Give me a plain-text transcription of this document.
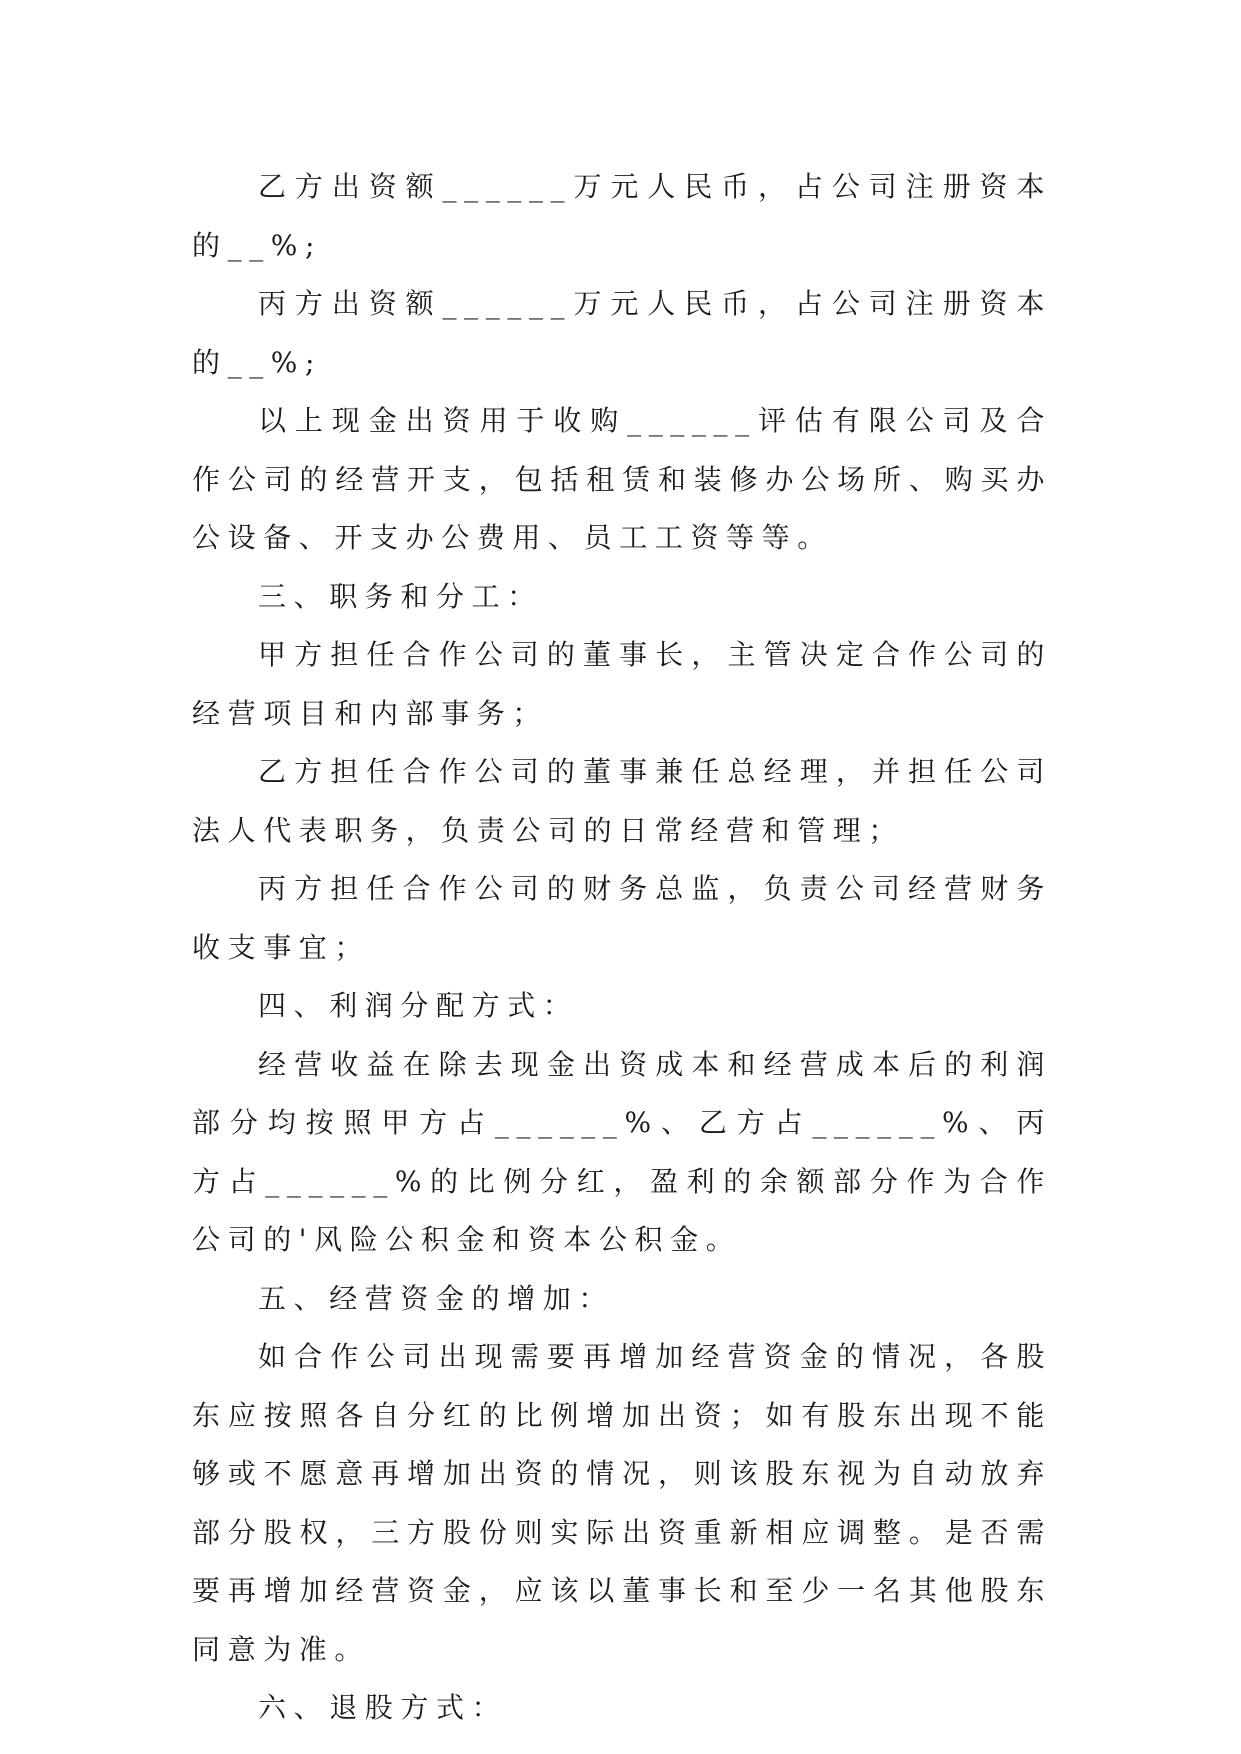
乙方出资额______万元人民币，占公司注册资本的__%;

丙方出资额______万元人民币，占公司注册资本的__%;

以上现金出资用于收购______评估有限公司及合作公司的经营开支，包括租赁和装修办公场所、购买办公设备、开支办公费用、员工工资等等。

三、职务和分工：

甲方担任合作公司的董事长，主管决定合作公司的经营项目和内部事务；

乙方担任合作公司的董事兼任总经理，并担任公司法人代表职务，负责公司的日常经营和管理；

丙方担任合作公司的财务总监，负责公司经营财务收支事宜；

四、利润分配方式：

经营收益在除去现金出资成本和经营成本后的利润部分均按照甲方占______%、乙方占______%、丙方占______%的比例分红，盈利的余额部分作为合作公司的'风险公积金和资本公积金。

五、经营资金的增加：

如合作公司出现需要再增加经营资金的情况，各股东应按照各自分红的比例增加出资；如有股东出现不能够或不愿意再增加出资的情况，则该股东视为自动放弃部分股权，三方股份则实际出资重新相应调整。是否需要再增加经营资金，应该以董事长和至少一名其他股东同意为准。

六、退股方式：
